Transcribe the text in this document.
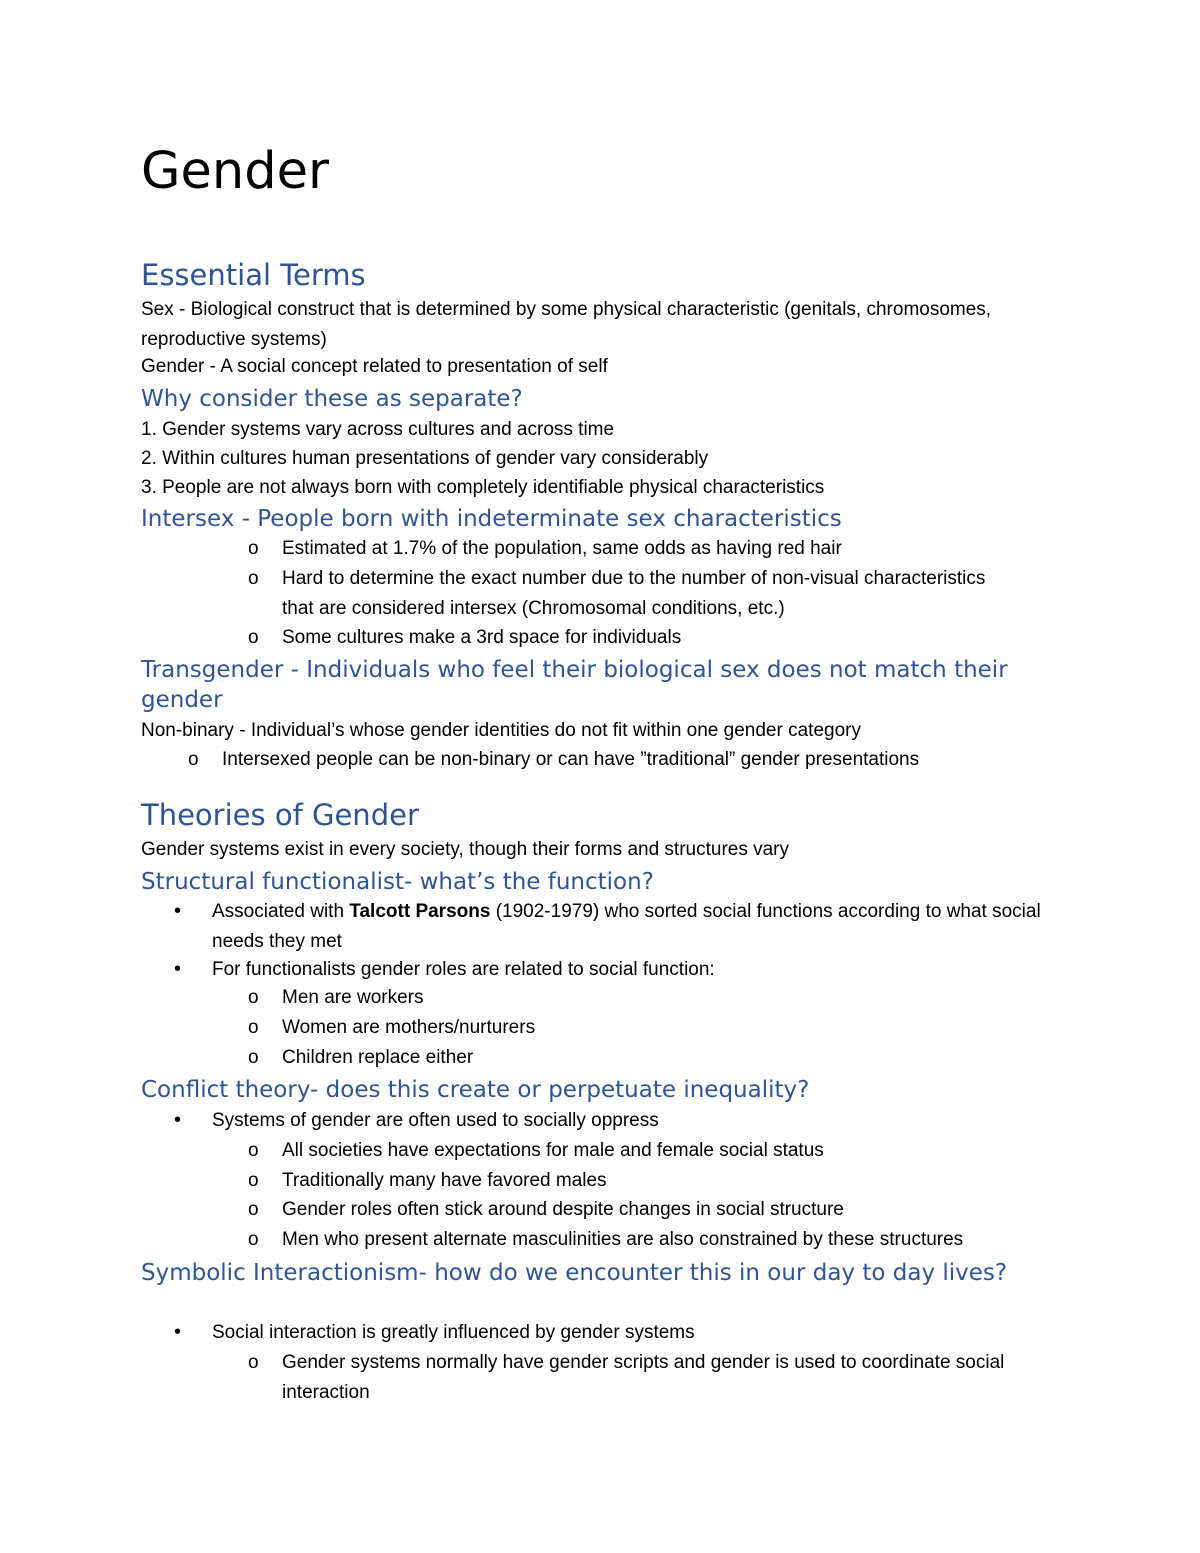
Gender
Essential Terms

Sex - Biological construct that is determined by some physical characteristic (genitals, chromosomes, reproductive systems)

Gender - A social concept related to presentation of self

Why consider these as separate?

1. Gender systems vary across cultures and across time

2. Within cultures human presentations of gender vary considerably

3. People are not always born with completely identifiable physical characteristics

Intersex - People born with indeterminate sex characteristics
o Estimated at 1.7% of the population, same odds as having red hair
o Hard to determine the exact number due to the number of non-visual characteristics that are considered intersex (Chromosomal conditions, etc.)
o Some cultures make a 3rd space for individuals
Transgender - Individuals who feel their biological sex does not match their gender

Non-binary - Individual’s whose gender identities do not fit within one gender category

o Intersexed people can be non-binary or can have ”traditional” gender presentations
Theories of Gender

Gender systems exist in every society, though their forms and structures vary

Structural functionalist- what’s the function?
• Associated with Talcott Parsons (1902-1979) who sorted social functions according to what social needs they met
• For functionalists gender roles are related to social function:
o Men are workers
o Women are mothers/nurturers
o Children replace either
Conflict theory- does this create or perpetuate inequality?
• Systems of gender are often used to socially oppress
o All societies have expectations for male and female social status
o Traditionally many have favored males
o Gender roles often stick around despite changes in social structure
o Men who present alternate masculinities are also constrained by these structures
Symbolic Interactionism- how do we encounter this in our day to day lives?
• Social interaction is greatly influenced by gender systems
o Gender systems normally have gender scripts and gender is used to coordinate social interaction
